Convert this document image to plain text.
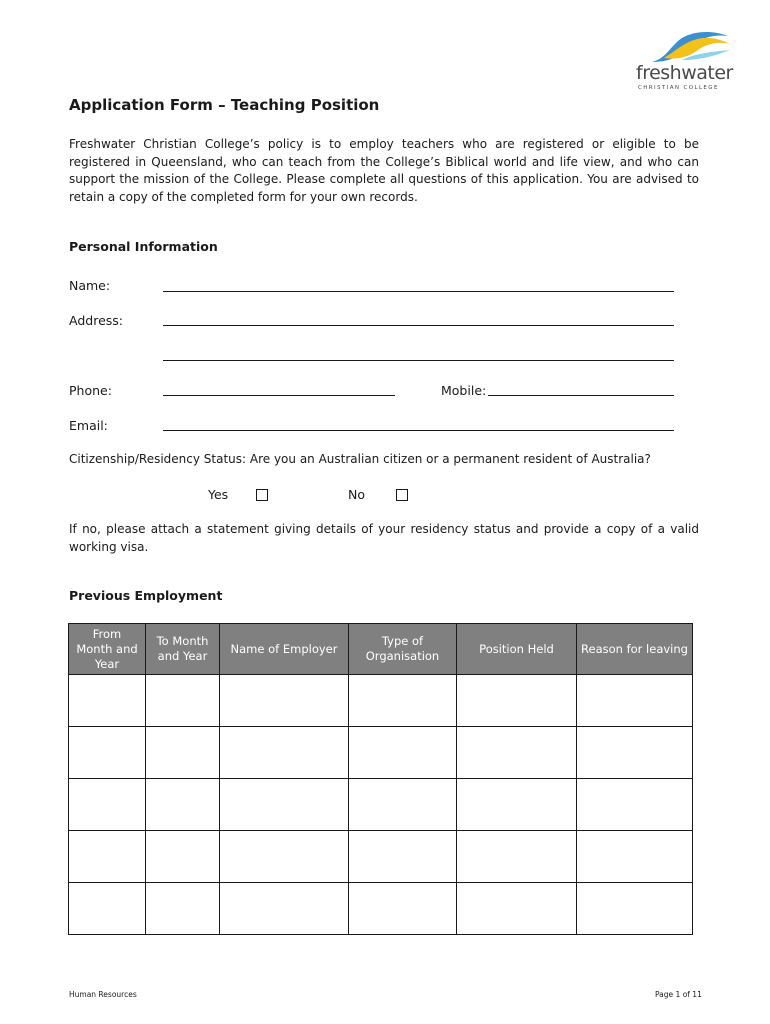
freshwater
CHRISTIAN COLLEGE
Application Form – Teaching Position

Freshwater Christian College’s policy is to employ teachers who are registered or eligible to be registered in Queensland, who can teach from the College’s Biblical world and life view, and who can support the mission of the College. Please complete all questions of this application. You are advised to retain a copy of the completed form for your own records.

Personal Information
Name:
Address:
Phone:	Mobile:
Email:
Citizenship/Residency Status: Are you an Australian citizen or a permanent resident of Australia?
Yes	No

If no, please attach a statement giving details of your residency status and provide a copy of a valid working visa.

Previous Employment
From Month and Year	To Month and Year	Name of Employer	Type of Organisation	Position Held	Reason for leaving

Human Resources	Page 1 of 11
